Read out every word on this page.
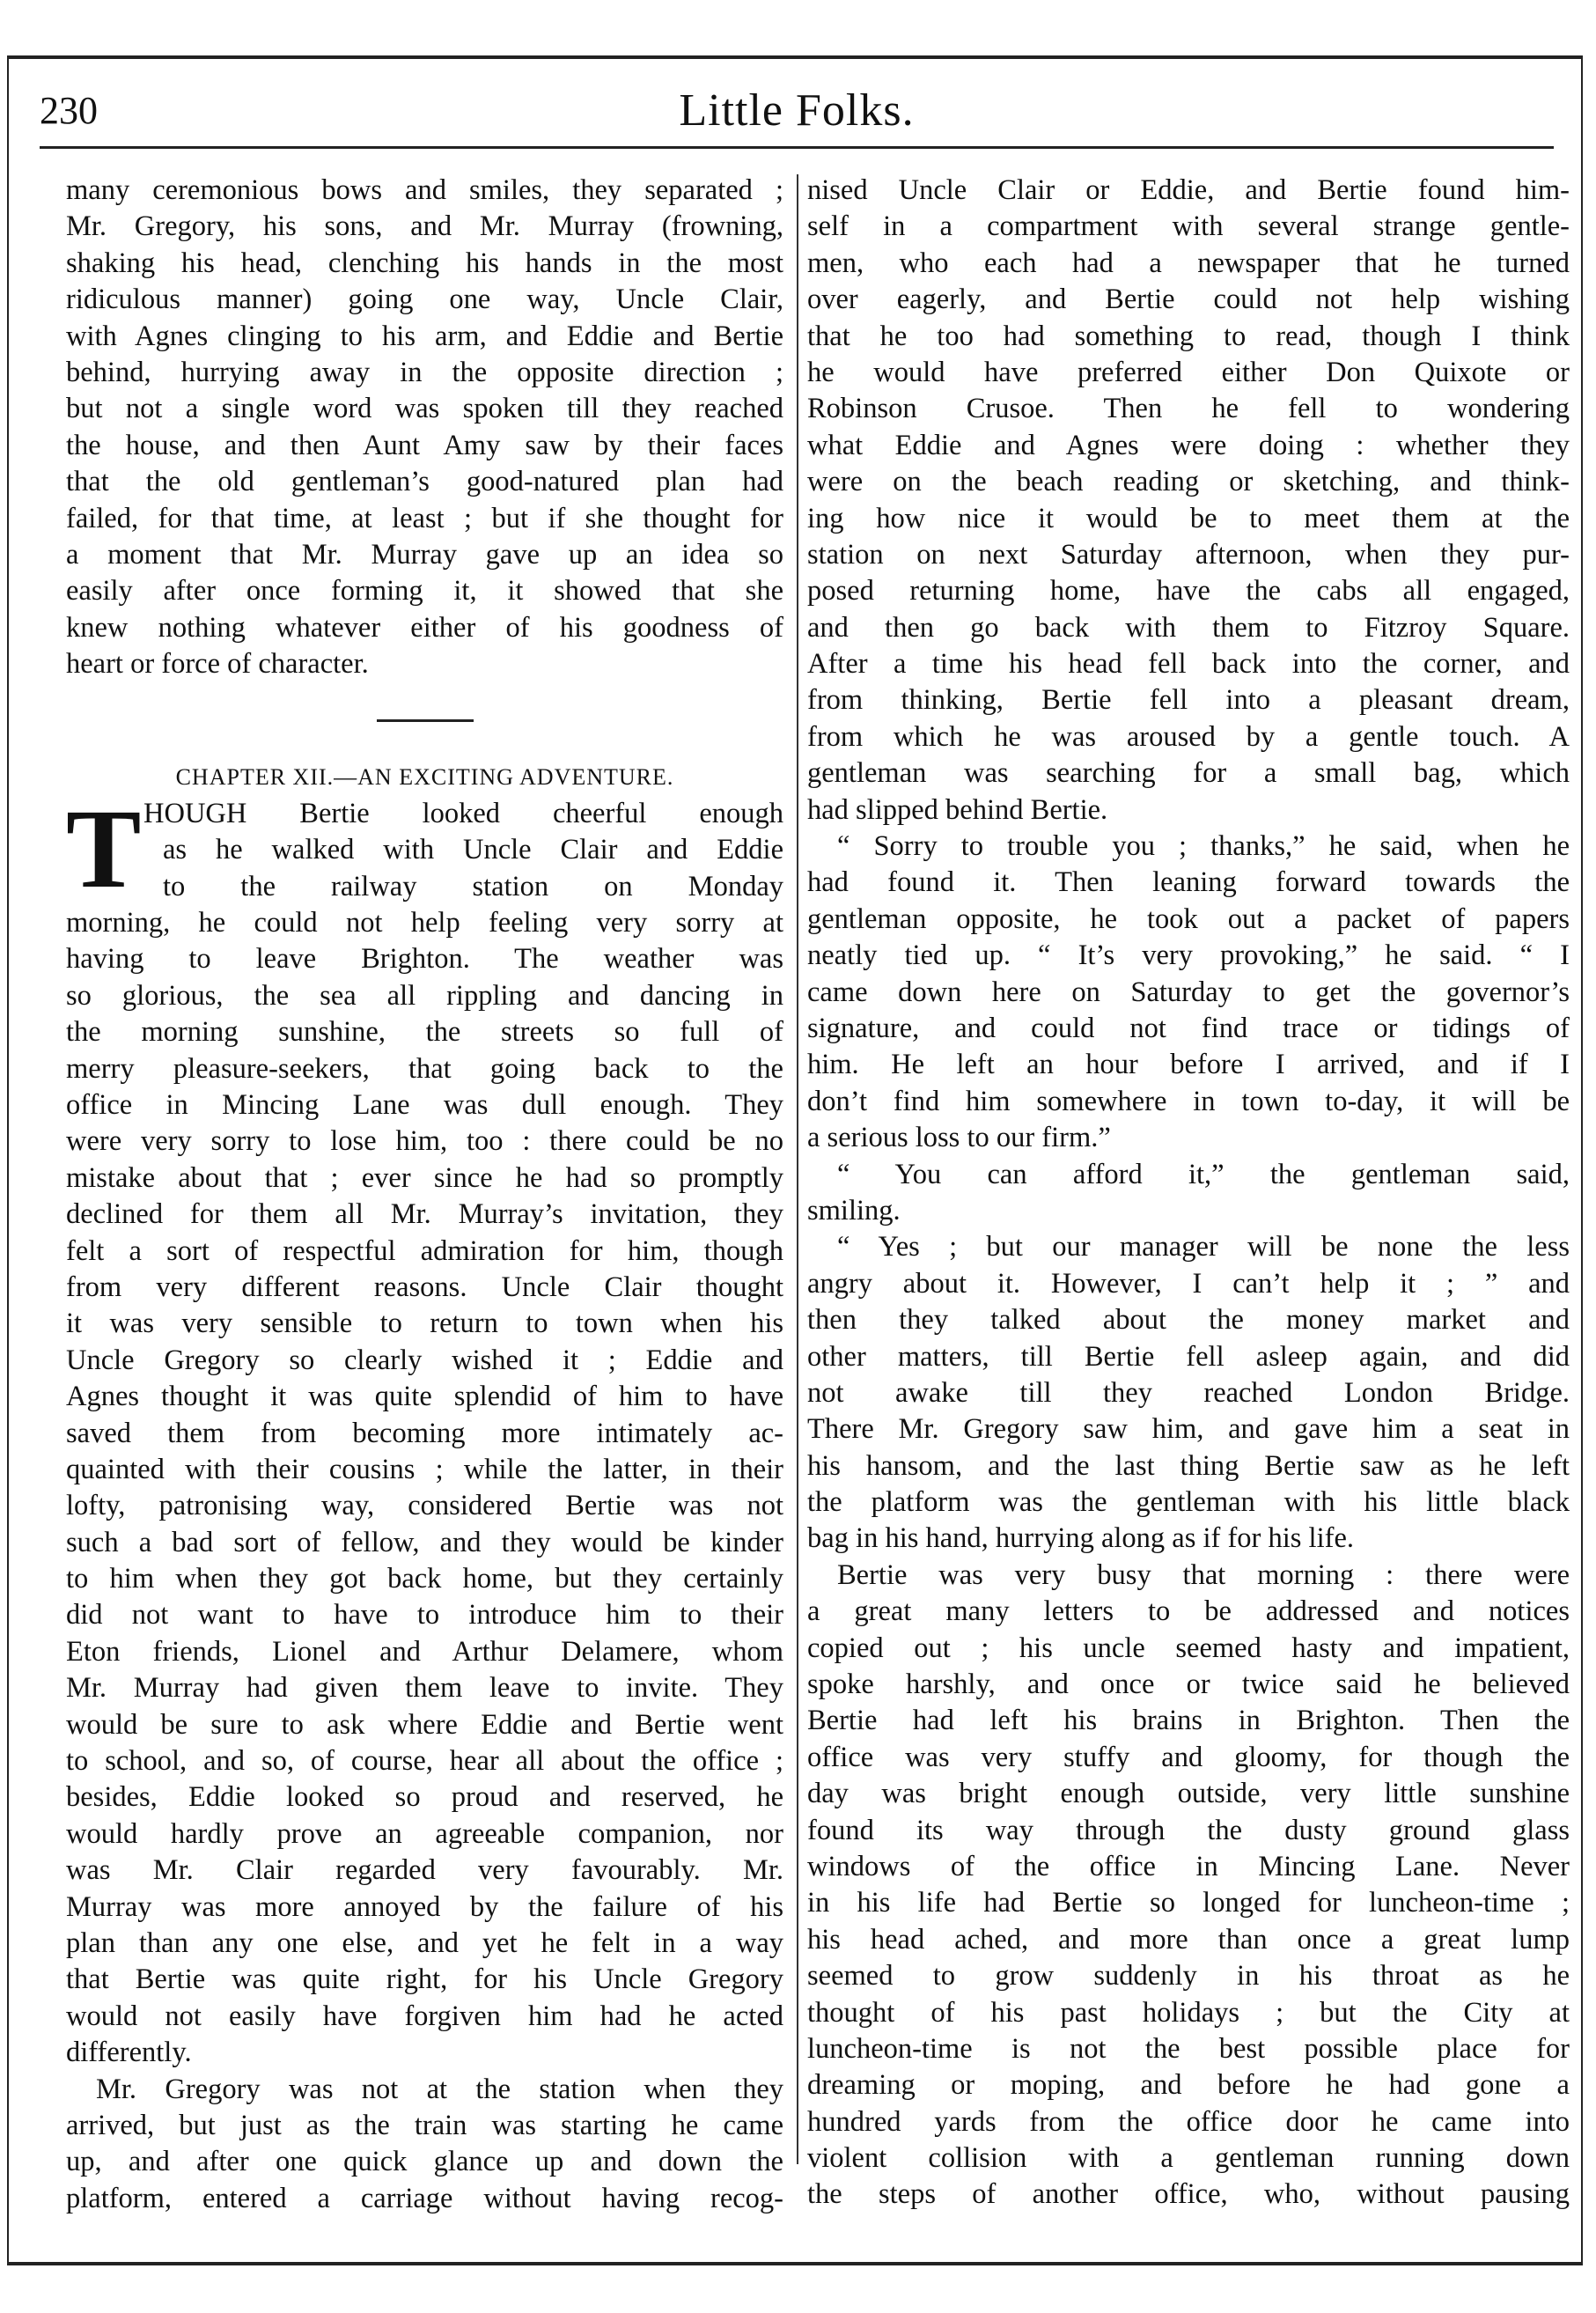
230	Little Folks.
many ceremonious bows and smiles, they separated ;
Mr. Gregory, his sons, and Mr. Murray (frowning,
shaking his head, clenching his hands in the most
ridiculous manner) going one way, Uncle Clair,
with Agnes clinging to his arm, and Eddie and Bertie
behind, hurrying away in the opposite direction ;
but not a single word was spoken till they reached
the house, and then Aunt Amy saw by their faces
that the old gentleman’s good-natured plan had
failed, for that time, at least ; but if she thought for
a moment that Mr. Murray gave up an idea so
easily after once forming it, it showed that she
knew nothing whatever either of his goodness of
heart or force of character.
CHAPTER XII.—AN EXCITING ADVENTURE.
T HOUGH Bertie looked cheerful enough
as he walked with Uncle Clair and Eddie
to the railway station on Monday
morning, he could not help feeling very sorry at
having to leave Brighton. The weather was
so glorious, the sea all rippling and dancing in
the morning sunshine, the streets so full of
merry pleasure-seekers, that going back to the
office in Mincing Lane was dull enough. They
were very sorry to lose him, too : there could be no
mistake about that ; ever since he had so promptly
declined for them all Mr. Murray’s invitation, they
felt a sort of respectful admiration for him, though
from very different reasons. Uncle Clair thought
it was very sensible to return to town when his
Uncle Gregory so clearly wished it ; Eddie and
Agnes thought it was quite splendid of him to have
saved them from becoming more intimately ac-
quainted with their cousins ; while the latter, in their
lofty, patronising way, considered Bertie was not
such a bad sort of fellow, and they would be kinder
to him when they got back home, but they certainly
did not want to have to introduce him to their
Eton friends, Lionel and Arthur Delamere, whom
Mr. Murray had given them leave to invite. They
would be sure to ask where Eddie and Bertie went
to school, and so, of course, hear all about the office ;
besides, Eddie looked so proud and reserved, he
would hardly prove an agreeable companion, nor
was Mr. Clair regarded very favourably. Mr.
Murray was more annoyed by the failure of his
plan than any one else, and yet he felt in a way
that Bertie was quite right, for his Uncle Gregory
would not easily have forgiven him had he acted
differently.
Mr. Gregory was not at the station when they
arrived, but just as the train was starting he came
up, and after one quick glance up and down the
platform, entered a carriage without having recog-
nised Uncle Clair or Eddie, and Bertie found him-
self in a compartment with several strange gentle-
men, who each had a newspaper that he turned
over eagerly, and Bertie could not help wishing
that he too had something to read, though I think
he would have preferred either Don Quixote or
Robinson Crusoe. Then he fell to wondering
what Eddie and Agnes were doing : whether they
were on the beach reading or sketching, and think-
ing how nice it would be to meet them at the
station on next Saturday afternoon, when they pur-
posed returning home, have the cabs all engaged,
and then go back with them to Fitzroy Square.
After a time his head fell back into the corner, and
from thinking, Bertie fell into a pleasant dream,
from which he was aroused by a gentle touch. A
gentleman was searching for a small bag, which
had slipped behind Bertie.
“ Sorry to trouble you ; thanks,” he said, when he
had found it. Then leaning forward towards the
gentleman opposite, he took out a packet of papers
neatly tied up. “ It’s very provoking,” he said. “ I
came down here on Saturday to get the governor’s
signature, and could not find trace or tidings of
him. He left an hour before I arrived, and if I
don’t find him somewhere in town to-day, it will be
a serious loss to our firm.”
“ You can afford it,” the gentleman said,
smiling.
“ Yes ; but our manager will be none the less
angry about it. However, I can’t help it ; ” and
then they talked about the money market and
other matters, till Bertie fell asleep again, and did
not awake till they reached London Bridge.
There Mr. Gregory saw him, and gave him a seat in
his hansom, and the last thing Bertie saw as he left
the platform was the gentleman with his little black
bag in his hand, hurrying along as if for his life.
Bertie was very busy that morning : there were
a great many letters to be addressed and notices
copied out ; his uncle seemed hasty and impatient,
spoke harshly, and once or twice said he believed
Bertie had left his brains in Brighton. Then the
office was very stuffy and gloomy, for though the
day was bright enough outside, very little sunshine
found its way through the dusty ground glass
windows of the office in Mincing Lane. Never
in his life had Bertie so longed for luncheon-time ;
his head ached, and more than once a great lump
seemed to grow suddenly in his throat as he
thought of his past holidays ; but the City at
luncheon-time is not the best possible place for
dreaming or moping, and before he had gone a
hundred yards from the office door he came into
violent collision with a gentleman running down
the steps of another office, who, without pausing
